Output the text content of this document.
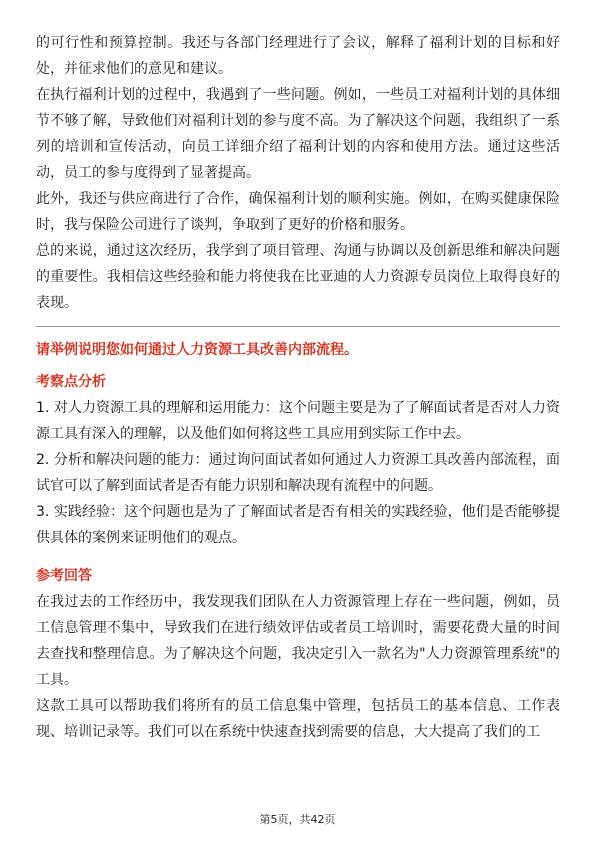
的可行性和预算控制。我还与各部门经理进行了会议，解释了福利计划的目标和好处，并征求他们的意见和建议。

在执行福利计划的过程中，我遇到了一些问题。例如，一些员工对福利计划的具体细节不够了解，导致他们对福利计划的参与度不高。为了解决这个问题，我组织了一系列的培训和宣传活动，向员工详细介绍了福利计划的内容和使用方法。通过这些活动，员工的参与度得到了显著提高。

此外，我还与供应商进行了合作，确保福利计划的顺利实施。例如，在购买健康保险时，我与保险公司进行了谈判，争取到了更好的价格和服务。

总的来说，通过这次经历，我学到了项目管理、沟通与协调以及创新思维和解决问题的重要性。我相信这些经验和能力将使我在比亚迪的人力资源专员岗位上取得良好的表现。

请举例说明您如何通过人力资源工具改善内部流程。

考察点分析

1. 对人力资源工具的理解和运用能力：这个问题主要是为了了解面试者是否对人力资源工具有深入的理解，以及他们如何将这些工具应用到实际工作中去。

2. 分析和解决问题的能力：通过询问面试者如何通过人力资源工具改善内部流程，面试官可以了解到面试者是否有能力识别和解决现有流程中的问题。

3. 实践经验：这个问题也是为了了解面试者是否有相关的实践经验，他们是否能够提供具体的案例来证明他们的观点。

参考回答

在我过去的工作经历中，我发现我们团队在人力资源管理上存在一些问题，例如，员工信息管理不集中，导致我们在进行绩效评估或者员工培训时，需要花费大量的时间去查找和整理信息。为了解决这个问题，我决定引入一款名为"人力资源管理系统"的工具。

这款工具可以帮助我们将所有的员工信息集中管理，包括员工的基本信息、工作表现、培训记录等。我们可以在系统中快速查找到需要的信息，大大提高了我们的工

第5页，共42页
